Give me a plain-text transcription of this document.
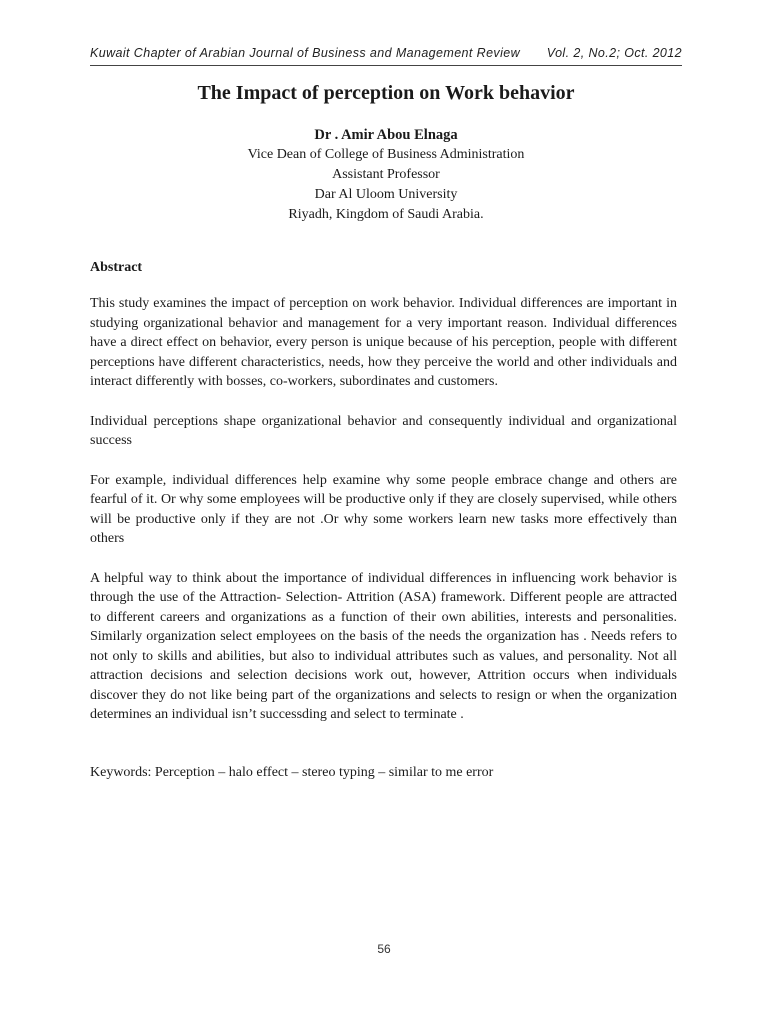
Kuwait Chapter of Arabian Journal of Business and Management Review Vol. 2, No.2; Oct. 2012
The Impact of perception on Work behavior
Dr . Amir Abou Elnaga
Vice Dean of College of Business Administration
Assistant Professor
Dar Al Uloom University
Riyadh, Kingdom of Saudi Arabia.
Abstract

This study examines the impact of perception on work behavior. Individual differences are important in studying organizational behavior and management for a very important reason. Individual differences have a direct effect on behavior, every person is unique because of his perception, people with different perceptions have different characteristics, needs, how they perceive the world and other individuals and interact differently with bosses, co-workers, subordinates and customers.

Individual perceptions shape organizational behavior and consequently individual and organizational success

For example, individual differences help examine why some people embrace change and others are fearful of it. Or why some employees will be productive only if they are closely supervised, while others will be productive only if they are not .Or why some workers learn new tasks more effectively than others

A helpful way to think about the importance of individual differences in influencing work behavior is through the use of the Attraction- Selection- Attrition (ASA) framework. Different people are attracted to different careers and organizations as a function of their own abilities, interests and personalities. Similarly organization select employees on the basis of the needs the organization has . Needs refers to not only to skills and abilities, but also to individual attributes such as values, and personality. Not all attraction decisions and selection decisions work out, however, Attrition occurs when individuals discover they do not like being part of the organizations and selects to resign or when the organization determines an individual isn’t successding and select to terminate .

Keywords: Perception – halo effect – stereo typing – similar to me error

56
